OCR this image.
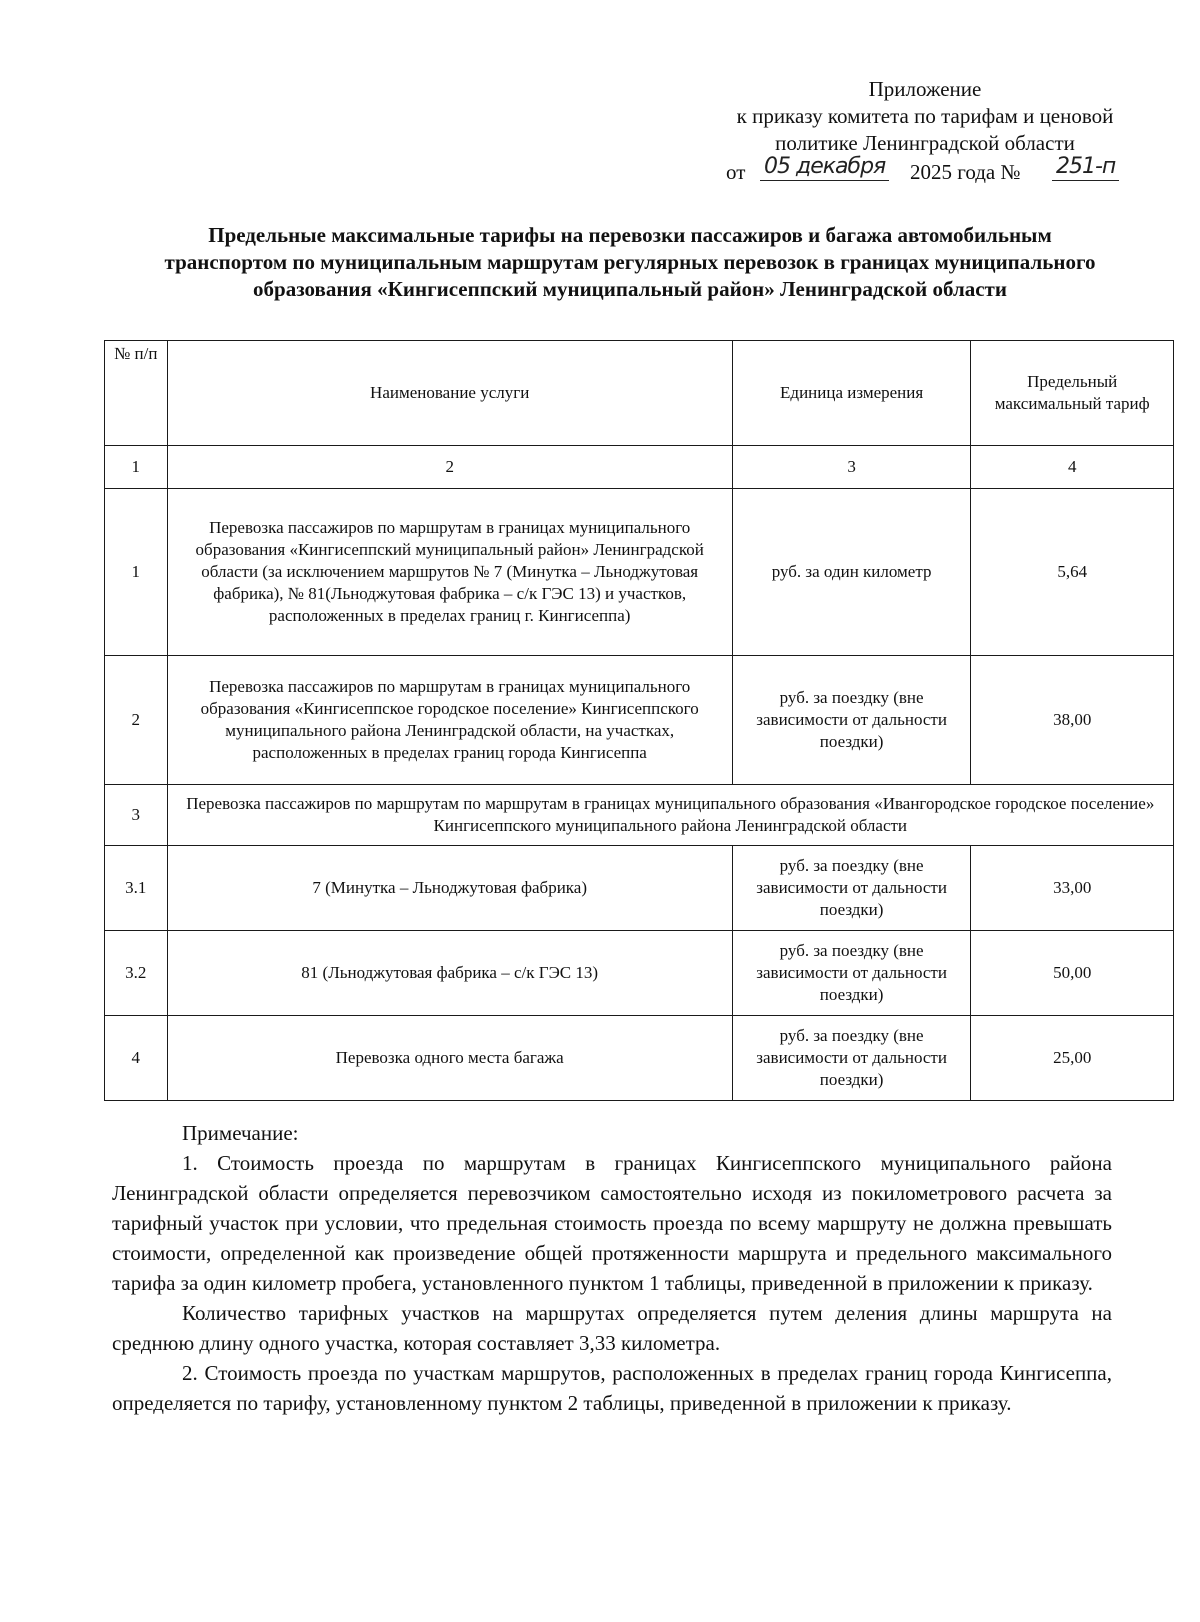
Приложение
к приказу комитета по тарифам и ценовой
политике Ленинградской области
от 05 декабря 2025 года № 251-п
Предельные максимальные тарифы на перевозки пассажиров и багажа автомобильным транспортом по муниципальным маршрутам регулярных перевозок в границах муниципального образования «Кингисеппский муниципальный район» Ленинградской области
№ п/п	Наименование услуги	Единица измерения	Предельный максимальный тариф
1	2	3	4
1	Перевозка пассажиров по маршрутам в границах муниципального образования «Кингисеппский муниципальный район» Ленинградской области (за исключением маршрутов № 7 (Минутка – Льноджутовая фабрика), № 81(Льноджутовая фабрика – с/к ГЭС 13) и участков, расположенных в пределах границ г. Кингисеппа)	руб. за один километр	5,64
2	Перевозка пассажиров по маршрутам в границах муниципального образования «Кингисеппское городское поселение» Кингисеппского муниципального района Ленинградской области, на участках, расположенных в пределах границ города Кингисеппа	руб. за поездку (вне зависимости от дальности поездки)	38,00
3	Перевозка пассажиров по маршрутам по маршрутам в границах муниципального образования «Ивангородское городское поселение» Кингисеппского муниципального района Ленинградской области		
3.1	7 (Минутка – Льноджутовая фабрика)	руб. за поездку (вне зависимости от дальности поездки)	33,00
3.2	81 (Льноджутовая фабрика – с/к ГЭС 13)	руб. за поездку (вне зависимости от дальности поездки)	50,00
4	Перевозка одного места багажа	руб. за поездку (вне зависимости от дальности поездки)	25,00

Примечание:

1. Стоимость проезда по маршрутам в границах Кингисеппского муниципального района Ленинградской области определяется перевозчиком самостоятельно исходя из покилометрового расчета за тарифный участок при условии, что предельная стоимость проезда по всему маршруту не должна превышать стоимости, определенной как произведение общей протяженности маршрута и предельного максимального тарифа за один километр пробега, установленного пунктом 1 таблицы, приведенной в приложении к приказу.

Количество тарифных участков на маршрутах определяется путем деления длины маршрута на среднюю длину одного участка, которая составляет 3,33 километра.

2. Стоимость проезда по участкам маршрутов, расположенных в пределах границ города Кингисеппа, определяется по тарифу, установленному пунктом 2 таблицы, приведенной в приложении к приказу.
